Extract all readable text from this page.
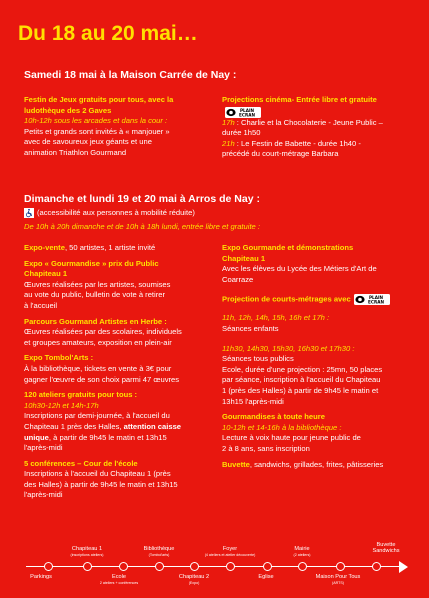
Du 18 au 20 mai…
Samedi 18 mai à la Maison Carrée de Nay :

Festin de Jeux gratuits pour tous, avec la

ludothèque des 2 Gaves

10h-12h sous les arcades et dans la cour :

Petits et grands sont invités à « manjouer »

avec de savoureux jeux géants et une

animation Triathlon Gourmand

Projections cinéma- Entrée libre et gratuite

PLAIN
ECRAN

17h : Charlie et la Chocolaterie - Jeune Public –

durée 1h50

21h : Le Festin de Babette - durée 1h40 -

précédé du court-métrage Barbara

Dimanche et lundi 19 et 20 mai à Arros de Nay :
(accessibilité aux personnes à mobilité réduite)
De 10h à 20h dimanche et de 10h à 18h lundi, entrée libre et gratuite :

Expo-vente, 50 artistes, 1 artiste invité

Expo « Gourmandise » prix du Public

Chapiteau 1

Œuvres réalisées par les artistes, soumises

au vote du public, bulletin de vote à retirer

à l'accueil

Parcours Gourmand Artistes en Herbe :

Œuvres réalisées par des scolaires, individuels

et groupes amateurs, exposition en plein-air

Expo Tombol'Arts :

À la bibliothèque, tickets en vente à 3€ pour

gagner l'œuvre de son choix parmi 47 œuvres

120 ateliers gratuits pour tous :

10h30-12h et 14h-17h

Inscriptions par demi-journée, à l'accueil du

Chapiteau 1 près des Halles, attention caisse

unique, à partir de 9h45 le matin et 13h15

l'après-midi

5 conférences – Cour de l'école

Inscriptions à l'accueil du Chapiteau 1 (près

des Halles) à partir de 9h45 le matin et 13h15

l'après-midi

Expo Gourmande et démonstrations

Chapiteau 1

Avec les élèves du Lycée des Métiers d'Art de

Coarraze

Projection de courts-métrages avec	PLAIN
ECRAN

11h, 12h, 14h, 15h, 16h et 17h :

Séances enfants

11h30, 14h30, 15h30, 16h30 et 17h30 :

Séances tous publics

Ecole, durée d'une projection : 25mn, 50 places

par séance, inscription à l'accueil du Chapiteau

1 (près des Halles) à partir de 9h45 le matin et

13h15 l'après-midi

Gourmandises à toute heure

10-12h et 14-16h à la bibliothèque :

Lecture à voix haute pour jeune public de

2 à 8 ans, sans inscription

Buvette, sandwichs, grillades, frites, pâtisseries

Chapiteau 1
(inscriptions ateliers)
Bibliothèque
(Tombol'arts)
Foyer
(4 ateliers et atelier découverte)
Mairie
(2 ateliers)
Buvette
Sandwichs
Parkings	Ecole
2 ateliers + conférences
Chapiteau 2
(Expo)
Eglise	Maison Pour Tous
(ARTS)
